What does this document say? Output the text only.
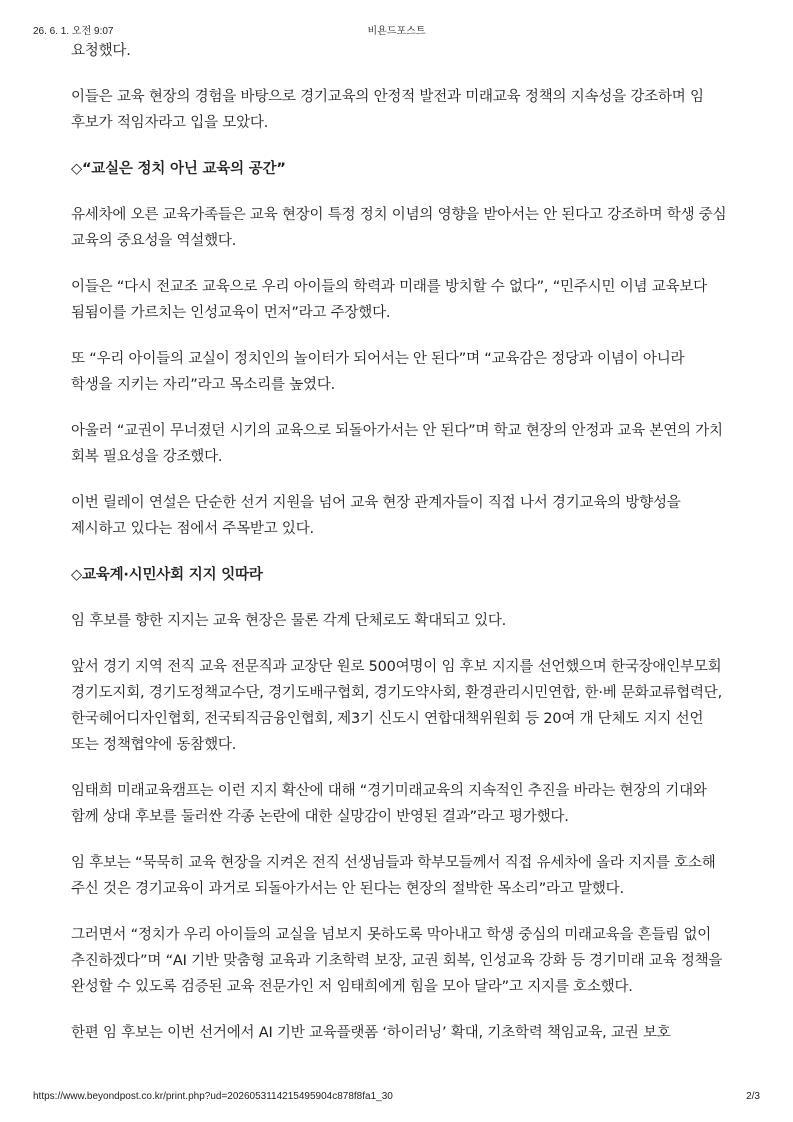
26. 6. 1. 오전 9:07	비욘드포스트

요청했다.

이들은 교육 현장의 경험을 바탕으로 경기교육의 안정적 발전과 미래교육 정책의 지속성을 강조하며 임 후보가 적임자라고 입을 모았다.

◇“교실은 정치 아닌 교육의 공간”

유세차에 오른 교육가족들은 교육 현장이 특정 정치 이념의 영향을 받아서는 안 된다고 강조하며 학생 중심 교육의 중요성을 역설했다.

이들은 “다시 전교조 교육으로 우리 아이들의 학력과 미래를 방치할 수 없다”, “민주시민 이념 교육보다 됨됨이를 가르치는 인성교육이 먼저”라고 주장했다.

또 “우리 아이들의 교실이 정치인의 놀이터가 되어서는 안 된다”며 “교육감은 정당과 이념이 아니라 학생을 지키는 자리”라고 목소리를 높였다.

아울러 “교권이 무너졌던 시기의 교육으로 되돌아가서는 안 된다”며 학교 현장의 안정과 교육 본연의 가치 회복 필요성을 강조했다.

이번 릴레이 연설은 단순한 선거 지원을 넘어 교육 현장 관계자들이 직접 나서 경기교육의 방향성을 제시하고 있다는 점에서 주목받고 있다.

◇교육계·시민사회 지지 잇따라

임 후보를 향한 지지는 교육 현장은 물론 각계 단체로도 확대되고 있다.

앞서 경기 지역 전직 교육 전문직과 교장단 원로 500여명이 임 후보 지지를 선언했으며 한국장애인부모회 경기도지회, 경기도정책교수단, 경기도배구협회, 경기도약사회, 환경관리시민연합, 한·베 문화교류협력단, 한국헤어디자인협회, 전국퇴직금융인협회, 제3기 신도시 연합대책위원회 등 20여 개 단체도 지지 선언 또는 정책협약에 동참했다.

임태희 미래교육캠프는 이런 지지 확산에 대해 “경기미래교육의 지속적인 추진을 바라는 현장의 기대와 함께 상대 후보를 둘러싼 각종 논란에 대한 실망감이 반영된 결과”라고 평가했다.

임 후보는 “묵묵히 교육 현장을 지켜온 전직 선생님들과 학부모들께서 직접 유세차에 올라 지지를 호소해 주신 것은 경기교육이 과거로 되돌아가서는 안 된다는 현장의 절박한 목소리”라고 말했다.

그러면서 “정치가 우리 아이들의 교실을 넘보지 못하도록 막아내고 학생 중심의 미래교육을 흔들림 없이 추진하겠다”며 “AI 기반 맞춤형 교육과 기초학력 보장, 교권 회복, 인성교육 강화 등 경기미래 교육 정책을 완성할 수 있도록 검증된 교육 전문가인 저 임태희에게 힘을 모아 달라”고 지지를 호소했다.

한편 임 후보는 이번 선거에서 AI 기반 교육플랫폼 ‘하이러닝’ 확대, 기초학력 책임교육, 교권 보호

https://www.beyondpost.co.kr/print.php?ud=2026053114215495904c878f8fa1_30	2/3
